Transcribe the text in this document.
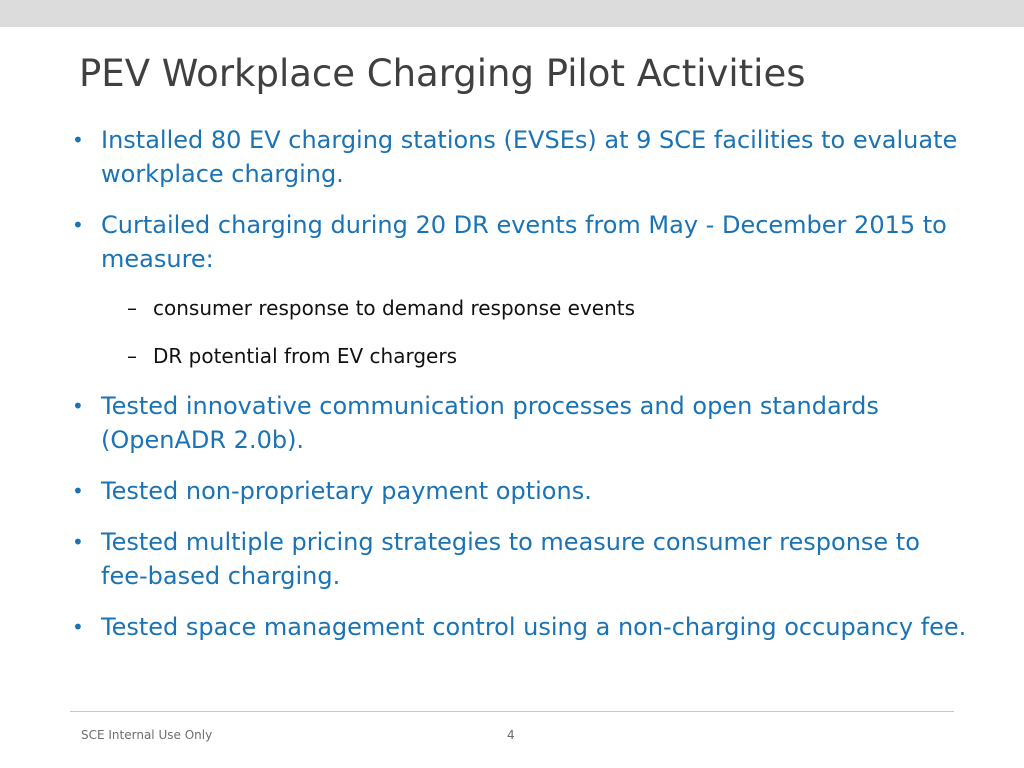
PEV Workplace Charging Pilot Activities
• Installed 80 EV charging stations (EVSEs) at 9 SCE facilities to evaluate workplace charging.
• Curtailed charging during 20 DR events from May - December 2015 to measure:
– consumer response to demand response events
– DR potential from EV chargers
• Tested innovative communication processes and open standards (OpenADR 2.0b).
• Tested non-proprietary payment options.
• Tested multiple pricing strategies to measure consumer response to fee-based charging.
• Tested space management control using a non-charging occupancy fee.
SCE Internal Use Only	4
